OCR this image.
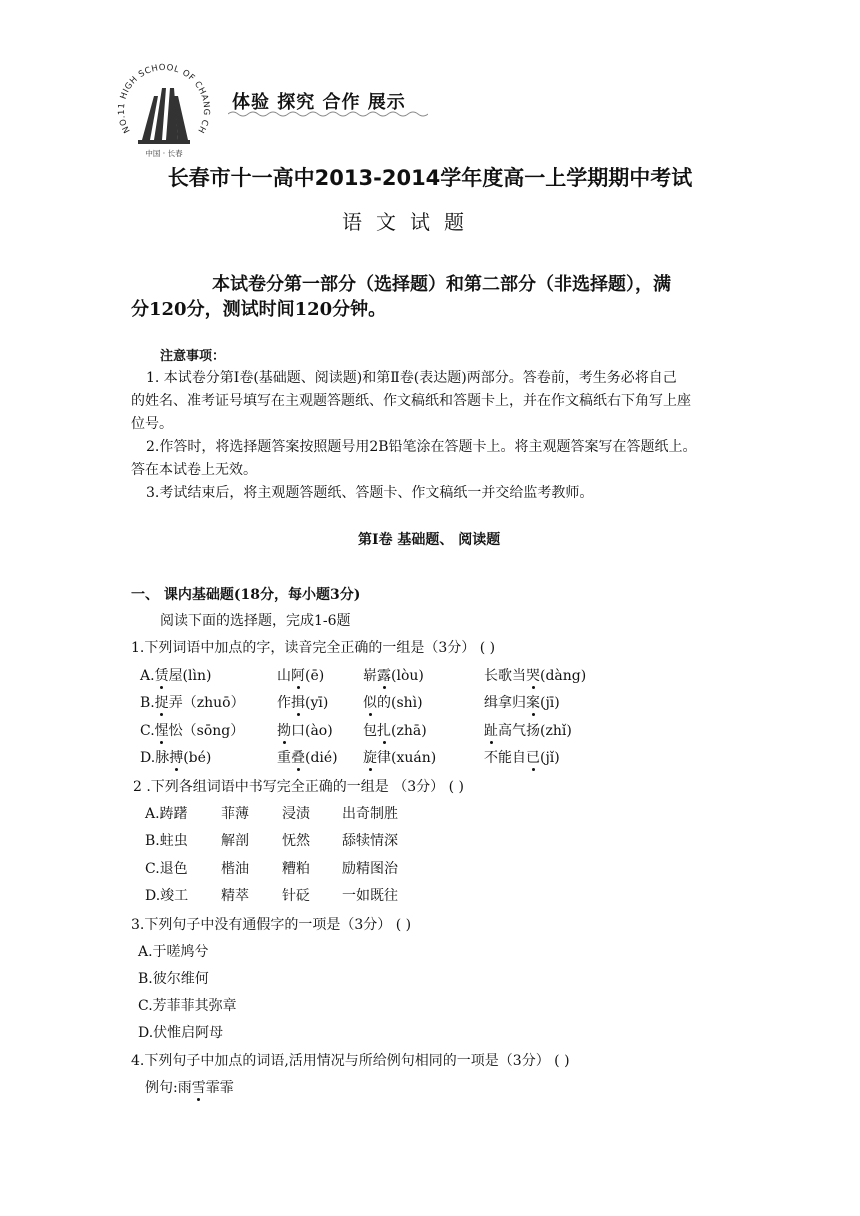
NO.11 HIGH SCHOOL OF CHANG CH
中国 · 长春
体验 探究 合作 展示
长春市十一高中2013-2014学年度高一上学期期中考试
语文试题
本试卷分第一部分（选择题）和第二部分（非选择题），满
分120分，测试时间120分钟。
注意事项：
1. 本试卷分第Ⅰ卷(基础题、阅读题)和第Ⅱ卷(表达题)两部分。答卷前，考生务必将自己
的姓名、准考证号填写在主观题答题纸、作文稿纸和答题卡上，并在作文稿纸右下角写上座
位号。
2.作答时，将选择题答案按照题号用2B铅笔涂在答题卡上。将主观题答案写在答题纸上。
答在本试卷上无效。
3.考试结束后，将主观题答题纸、答题卡、作文稿纸一并交给监考教师。
第Ⅰ卷 基础题、 阅读题
一、 课内基础题(18分，每小题3分)
阅读下面的选择题，完成1-6题
1.下列词语中加点的字，读音完全正确的一组是（3分） ( )
A.赁屋(lìn)	山阿(ē)	崭露(lòu)	长歌当哭(dàng)
B.捉弄（zhuō） 作揖(yī) 似的(shì)	缉拿归案(jī)
C.惺忪（sōng） 拗口(ào) 包扎(zhā)	趾高气扬(zhǐ)
D.脉搏(bé)	重叠(dié) 旋律(xuán)	不能自已(jǐ)
2 .下列各组词语中书写完全正确的一组是 （3分） ( )
A.踌躇 菲薄 浸渍 出奇制胜
B.蛀虫 解剖 怃然 舔犊情深
C.退色 楷油 糟粕 励精图治
D.竣工 精萃 针砭 一如既往
3.下列句子中没有通假字的一项是（3分） ( )
A.于嗟鸠兮
B.彼尔维何
C.芳菲菲其弥章
D.伏惟启阿母
4.下列句子中加点的词语,活用情况与所给例句相同的一项是（3分） ( )
例句:雨雪霏霏
